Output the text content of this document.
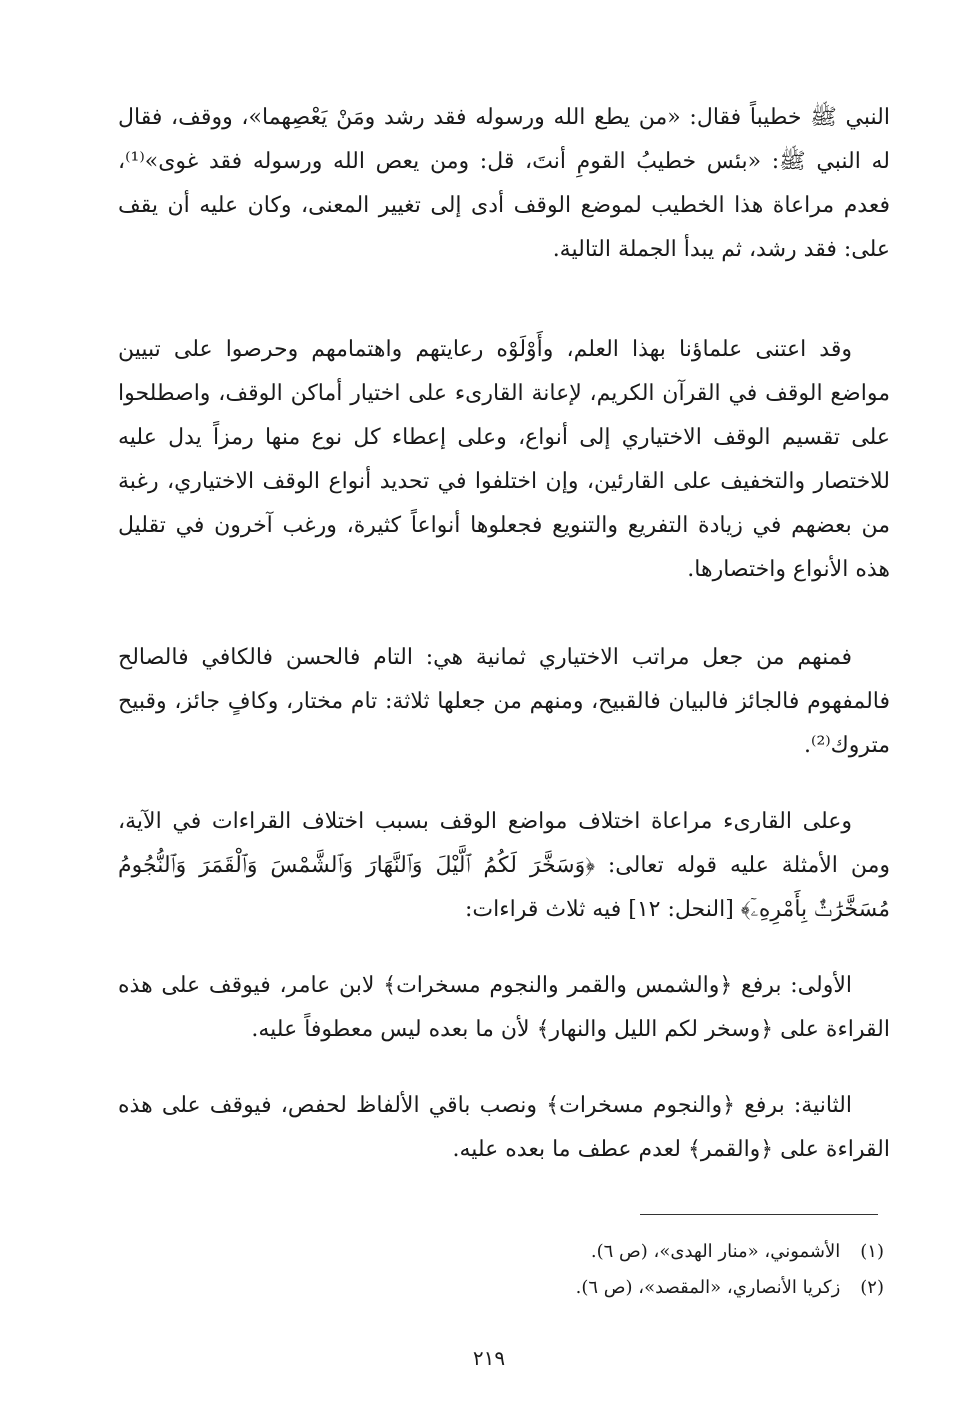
النبي ﷺ خطيباً فقال: «من يطع الله ورسوله فقد رشد ومَنْ يَعْصِهما»، ووقف، فقال له النبي ﷺ: «بئس خطيبُ القومِ أنتَ، قل: ومن يعص الله ورسوله فقد غوى»⁽¹⁾، فعدم مراعاة هذا الخطيب لموضع الوقف أدى إلى تغيير المعنى، وكان عليه أن يقف على: فقد رشد، ثم يبدأ الجملة التالية.

وقد اعتنى علماؤنا بهذا العلم، وأَوْلَوْه رعايتهم واهتمامهم وحرصوا على تبيين مواضع الوقف في القرآن الكريم، لإعانة القارىء على اختيار أماكن الوقف، واصطلحوا على تقسيم الوقف الاختياري إلى أنواع، وعلى إعطاء كل نوع منها رمزاً يدل عليه للاختصار والتخفيف على القارئين، وإن اختلفوا في تحديد أنواع الوقف الاختياري، رغبة من بعضهم في زيادة التفريع والتنويع فجعلوها أنواعاً كثيرة، ورغب آخرون في تقليل هذه الأنواع واختصارها.

فمنهم من جعل مراتب الاختياري ثمانية هي: التام فالحسن فالكافي فالصالح فالمفهوم فالجائز فالبيان فالقبيح، ومنهم من جعلها ثلاثة: تام مختار، وكافٍ جائز، وقبيح متروك⁽²⁾.

وعلى القارىء مراعاة اختلاف مواضع الوقف بسبب اختلاف القراءات في الآية، ومن الأمثلة عليه قوله تعالى: ﴿وَسَخَّرَ لَكُمُ ٱلَّيْلَ وَٱلنَّهَارَ وَٱلشَّمْسَ وَٱلْقَمَرَ وَٱلنُّجُومُ مُسَخَّرَٰتٌۢ بِأَمْرِهِۦٓ﴾ [النحل: ١٢] فيه ثلاث قراءات:

الأولى: برفع ﴿والشمس والقمر والنجوم مسخرات﴾ لابن عامر، فيوقف على هذه القراءة على ﴿وسخر لكم الليل والنهار﴾ لأن ما بعده ليس معطوفاً عليه.

الثانية: برفع ﴿والنجوم مسخرات﴾ ونصب باقي الألفاظ لحفص، فيوقف على هذه القراءة على ﴿والقمر﴾ لعدم عطف ما بعده عليه.

(١) الأشموني، «منار الهدى»، (ص ٦).
(٢) زكريا الأنصاري، «المقصد»، (ص ٦).
٢١٩
